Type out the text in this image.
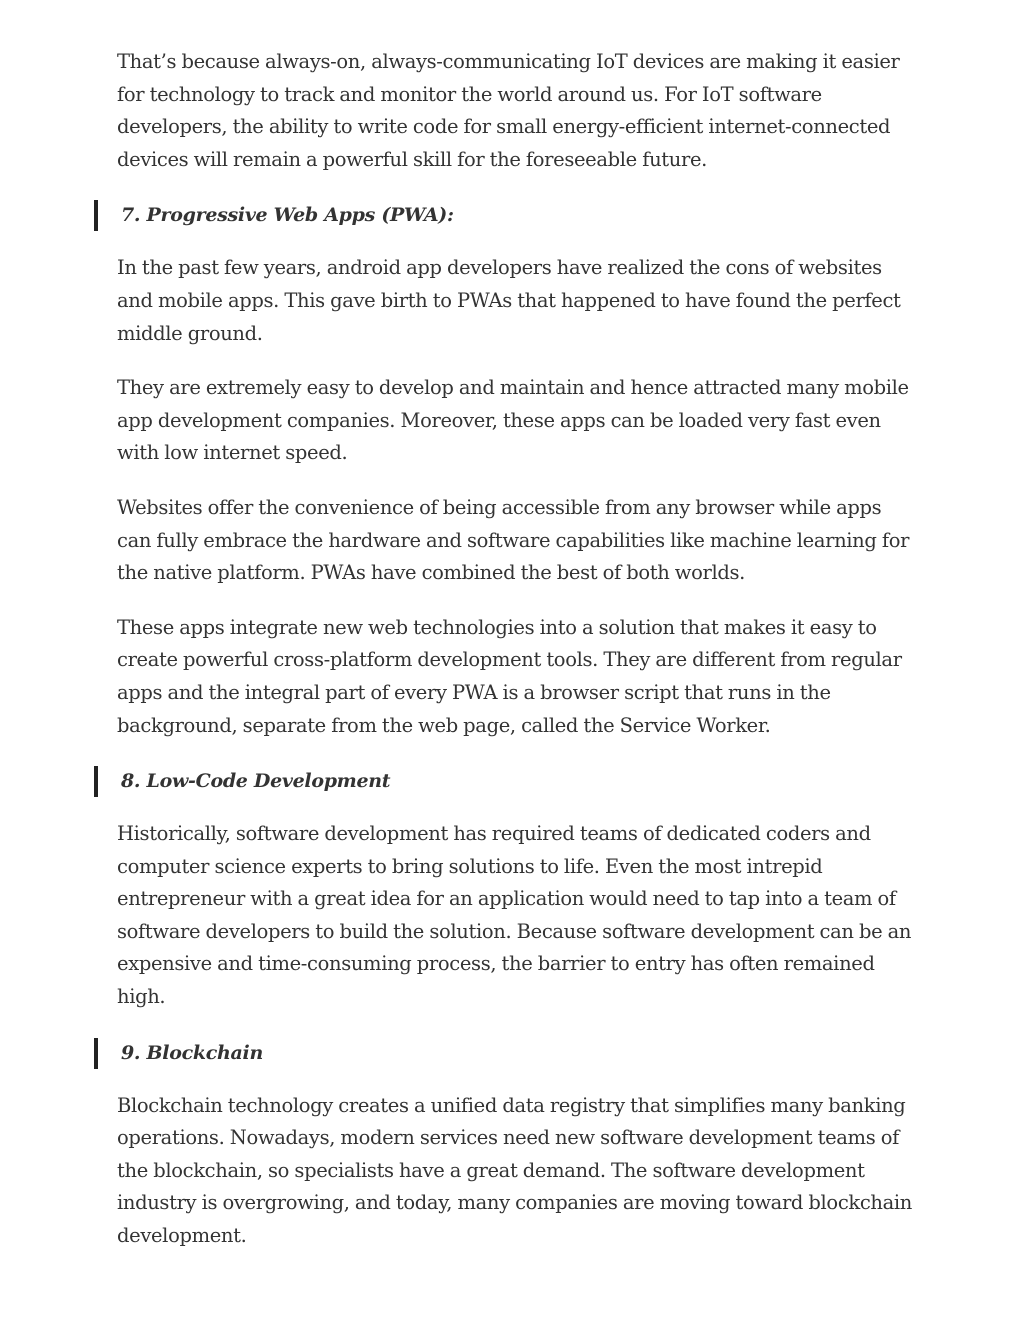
That’s because always-on, always-communicating IoT devices are making it easier for technology to track and monitor the world around us. For IoT software developers, the ability to write code for small energy-efficient internet-connected devices will remain a powerful skill for the foreseeable future.

7. Progressive Web Apps (PWA):

In the past few years, android app developers have realized the cons of websites and mobile apps. This gave birth to PWAs that happened to have found the perfect middle ground.

They are extremely easy to develop and maintain and hence attracted many mobile app development companies. Moreover, these apps can be loaded very fast even with low internet speed.

Websites offer the convenience of being accessible from any browser while apps can fully embrace the hardware and software capabilities like machine learning for the native platform. PWAs have combined the best of both worlds.

These apps integrate new web technologies into a solution that makes it easy to create powerful cross-platform development tools. They are different from regular apps and the integral part of every PWA is a browser script that runs in the background, separate from the web page, called the Service Worker.

8. Low-Code Development

Historically, software development has required teams of dedicated coders and computer science experts to bring solutions to life. Even the most intrepid entrepreneur with a great idea for an application would need to tap into a team of software developers to build the solution. Because software development can be an expensive and time-consuming process, the barrier to entry has often remained high.

9. Blockchain

Blockchain technology creates a unified data registry that simplifies many banking operations. Nowadays, modern services need new software development teams of the blockchain, so specialists have a great demand. The software development industry is overgrowing, and today, many companies are moving toward blockchain development.
